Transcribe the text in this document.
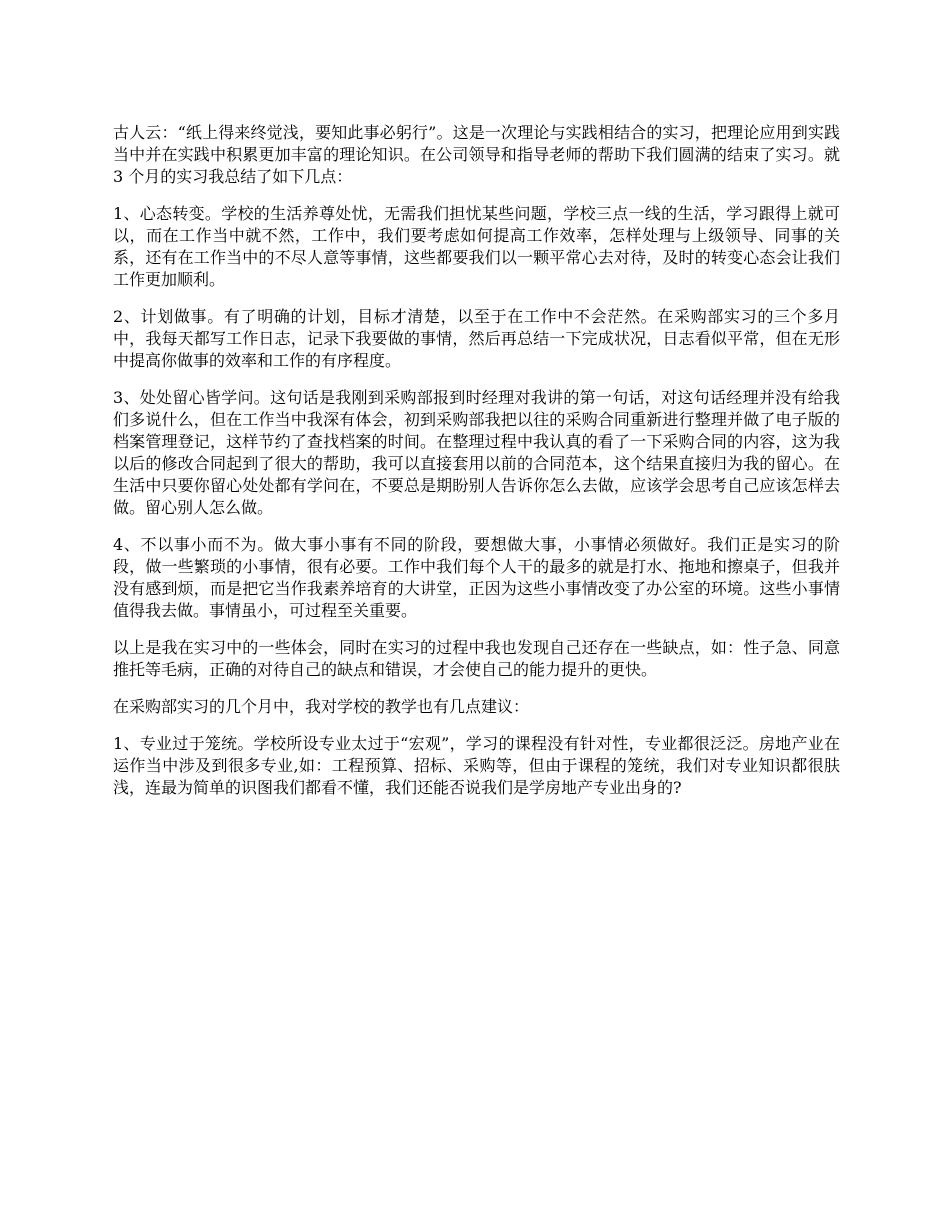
古人云：“纸上得来终觉浅，要知此事必躬行”。这是一次理论与实践相结合的实习，把理论应用到实践当中并在实践中积累更加丰富的理论知识。在公司领导和指导老师的帮助下我们圆满的结束了实习。就 3 个月的实习我总结了如下几点：

1、心态转变。学校的生活养尊处忧，无需我们担忧某些问题，学校三点一线的生活，学习跟得上就可以，而在工作当中就不然，工作中，我们要考虑如何提高工作效率，怎样处理与上级领导、同事的关系，还有在工作当中的不尽人意等事情，这些都要我们以一颗平常心去对待，及时的转变心态会让我们工作更加顺利。

2、计划做事。有了明确的计划，目标才清楚，以至于在工作中不会茫然。在采购部实习的三个多月中，我每天都写工作日志，记录下我要做的事情，然后再总结一下完成状况，日志看似平常，但在无形中提高你做事的效率和工作的有序程度。

3、处处留心皆学问。这句话是我刚到采购部报到时经理对我讲的第一句话，对这句话经理并没有给我们多说什么，但在工作当中我深有体会，初到采购部我把以往的采购合同重新进行整理并做了电子版的档案管理登记，这样节约了查找档案的时间。在整理过程中我认真的看了一下采购合同的内容，这为我以后的修改合同起到了很大的帮助，我可以直接套用以前的合同范本，这个结果直接归为我的留心。在生活中只要你留心处处都有学问在，不要总是期盼别人告诉你怎么去做，应该学会思考自己应该怎样去做。留心别人怎么做。

4、不以事小而不为。做大事小事有不同的阶段，要想做大事，小事情必须做好。我们正是实习的阶段，做一些繁琐的小事情，很有必要。工作中我们每个人干的最多的就是打水、拖地和擦桌子，但我并没有感到烦，而是把它当作我素养培育的大讲堂，正因为这些小事情改变了办公室的环境。这些小事情值得我去做。事情虽小，可过程至关重要。

以上是我在实习中的一些体会，同时在实习的过程中我也发现自己还存在一些缺点，如：性子急、同意推托等毛病，正确的对待自己的缺点和错误，才会使自己的能力提升的更快。

在采购部实习的几个月中，我对学校的教学也有几点建议：

1、专业过于笼统。学校所设专业太过于“宏观”，学习的课程没有针对性，专业都很泛泛。房地产业在运作当中涉及到很多专业,如：工程预算、招标、采购等，但由于课程的笼统，我们对专业知识都很肤浅，连最为简单的识图我们都看不懂，我们还能否说我们是学房地产专业出身的?
